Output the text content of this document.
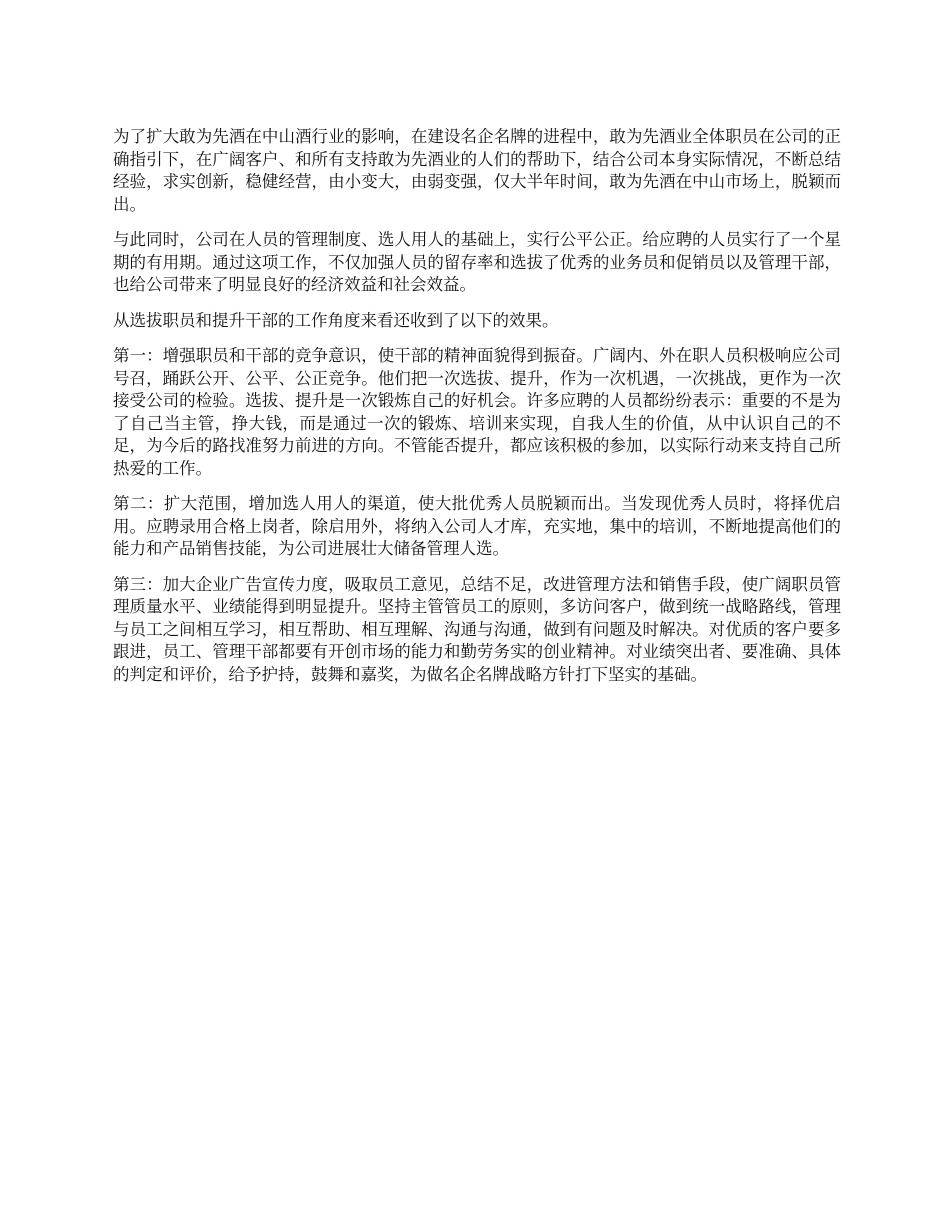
为了扩大敢为先酒在中山酒行业的影响，在建设名企名牌的进程中，敢为先酒业全体职员在公司的正确指引下，在广阔客户、和所有支持敢为先酒业的人们的帮助下，结合公司本身实际情况，不断总结经验，求实创新，稳健经营，由小变大，由弱变强，仅大半年时间，敢为先酒在中山市场上，脱颖而出。

与此同时，公司在人员的管理制度、选人用人的基础上，实行公平公正。给应聘的人员实行了一个星期的有用期。通过这项工作，不仅加强人员的留存率和选拔了优秀的业务员和促销员以及管理干部，也给公司带来了明显良好的经济效益和社会效益。

从选拔职员和提升干部的工作角度来看还收到了以下的效果。

第一：增强职员和干部的竞争意识，使干部的精神面貌得到振奋。广阔内、外在职人员积极响应公司号召，踊跃公开、公平、公正竞争。他们把一次选拔、提升，作为一次机遇，一次挑战，更作为一次接受公司的检验。选拔、提升是一次锻炼自己的好机会。许多应聘的人员都纷纷表示：重要的不是为了自己当主管，挣大钱，而是通过一次的锻炼、培训来实现，自我人生的价值，从中认识自己的不足，为今后的路找准努力前进的方向。不管能否提升，都应该积极的参加，以实际行动来支持自己所热爱的工作。

第二：扩大范围，增加选人用人的渠道，使大批优秀人员脱颖而出。当发现优秀人员时，将择优启用。应聘录用合格上岗者，除启用外，将纳入公司人才库，充实地，集中的培训，不断地提高他们的能力和产品销售技能，为公司进展壮大储备管理人选。

第三：加大企业广告宣传力度，吸取员工意见，总结不足，改进管理方法和销售手段，使广阔职员管理质量水平、业绩能得到明显提升。坚持主管管员工的原则，多访问客户，做到统一战略路线，管理与员工之间相互学习，相互帮助、相互理解、沟通与沟通，做到有问题及时解决。对优质的客户要多跟进，员工、管理干部都要有开创市场的能力和勤劳务实的创业精神。对业绩突出者、要准确、具体的判定和评价，给予护持，鼓舞和嘉奖，为做名企名牌战略方针打下坚实的基础。
